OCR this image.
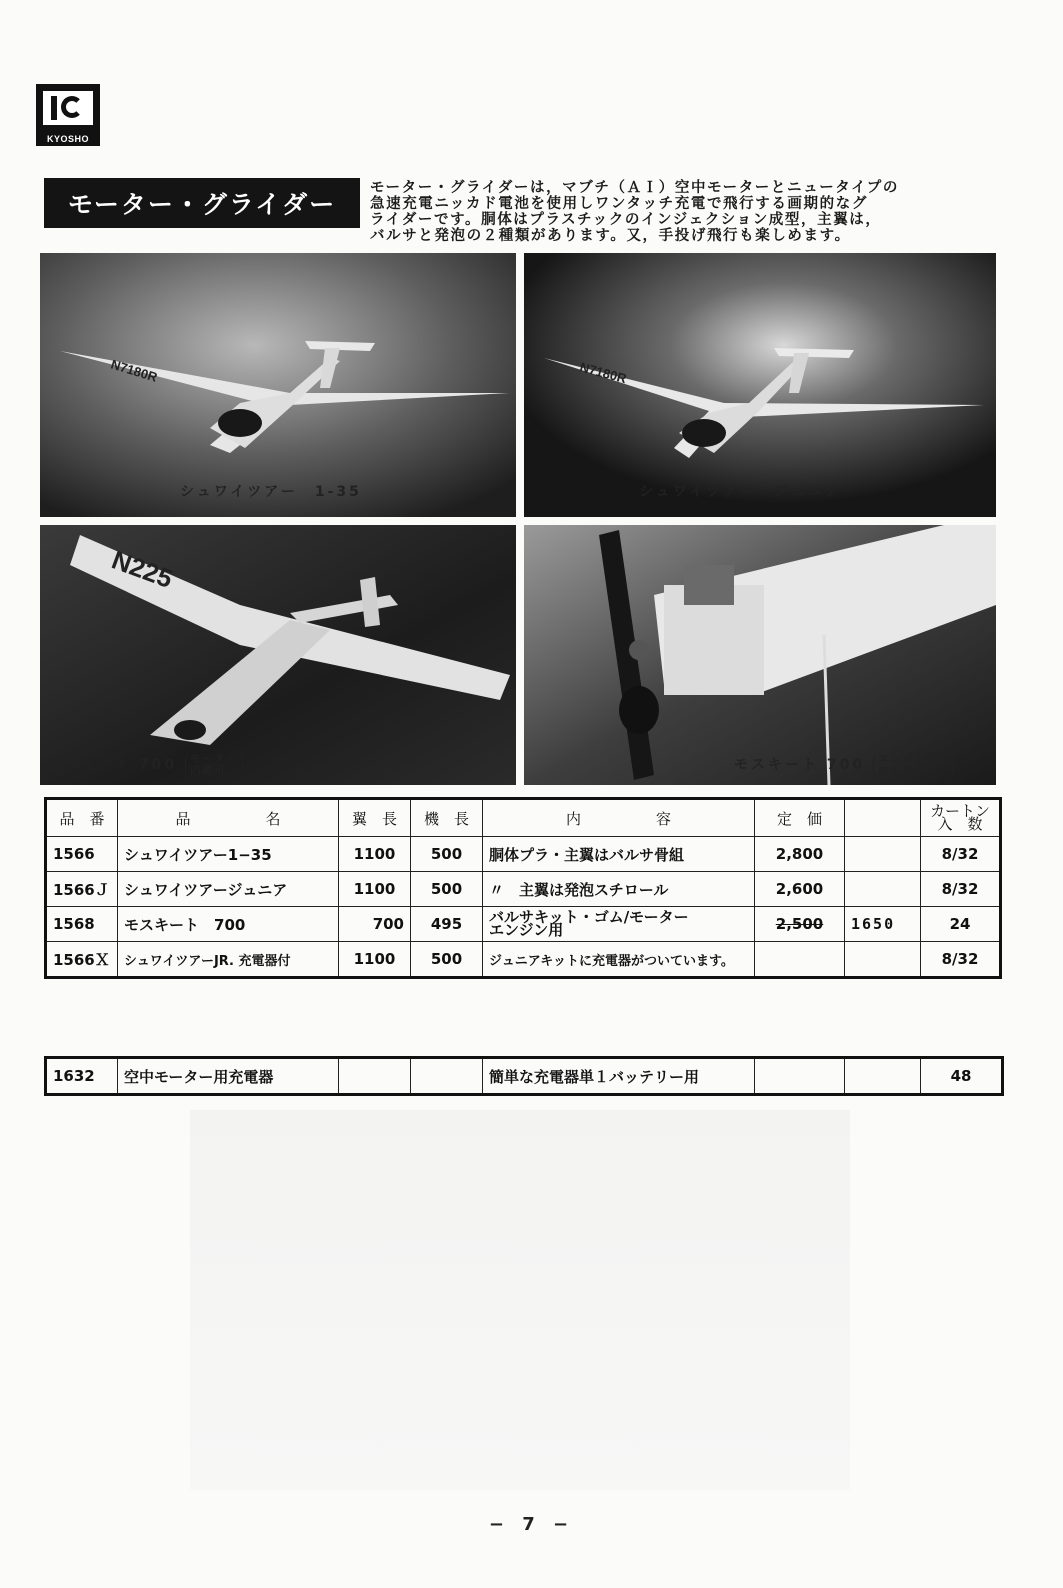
KYOSHO
モーター・グライダー
モーター・グライダーは，マブチ（ＡＩ）空中モーターとニュータイプの
急速充電ニッカド電池を使用しワンタッチ充電で飛行する画期的なグ
ライダーです。胴体はプラスチックのインジェクション成型，主翼は，
バルサと発泡の２種類があります。又，手投げ飛行も楽しめます。
N7180R
シュワイツアー　1-35
N7180R
シュワイツアー　ジュニア
N225
モスキート 700 モーター
内蔵可	モスキート 700 エンジン搭載
のとき
品　番	品　　　　　名	翼　長	機　長	内　　　　　容	定　価		カートン
入　数
1566	シュワイツアー1−35	1100	500	胴体プラ・主翼はバルサ骨組	2,800		8/32
1566Ｊ	シュワイツアージュニア	1100	500	〃　主翼は発泡スチロール	2,600		8/32
1568	モスキート　700	700	495	バルサキット・ゴム/モーター
エンジン用	2,500	1650	24
1566Ｘ	シュワイツアーJR. 充電器付	1100	500	ジュニアキットに充電器がついています。			8/32
1632	空中モーター用充電器			簡単な充電器単１バッテリー用			48
− 7 −
